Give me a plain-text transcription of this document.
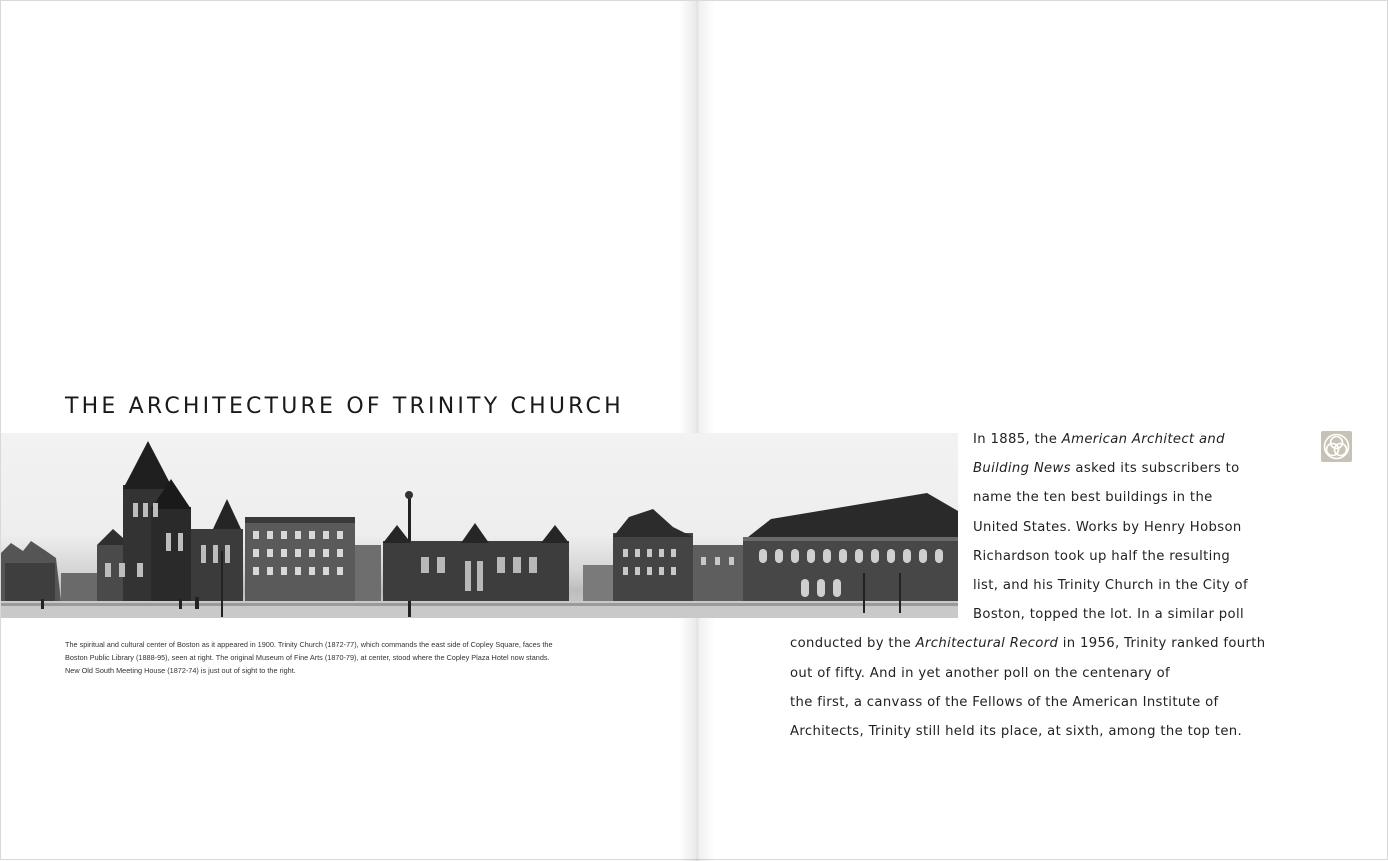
THE ARCHITECTURE OF TRINITY CHURCH
The spiritual and cultural center of Boston as it appeared in 1900. Trinity Church (1872-77), which commands the east side of Copley Square, faces the
Boston Public Library (1888-95), seen at right. The original Museum of Fine Arts (1870-79), at center, stood where the Copley Plaza Hotel now stands.
New Old South Meeting House (1872-74) is just out of sight to the right.

In 1885, the American Architect and

Building News asked its subscribers to

name the ten best buildings in the

United States. Works by Henry Hobson

Richardson took up half the resulting

list, and his Trinity Church in the City of

Boston, topped the lot. In a similar poll

conducted by the Architectural Record in 1956, Trinity ranked fourth

out of fifty. And in yet another poll on the centenary of

the first, a canvass of the Fellows of the American Institute of

Architects, Trinity still held its place, at sixth, among the top ten.
